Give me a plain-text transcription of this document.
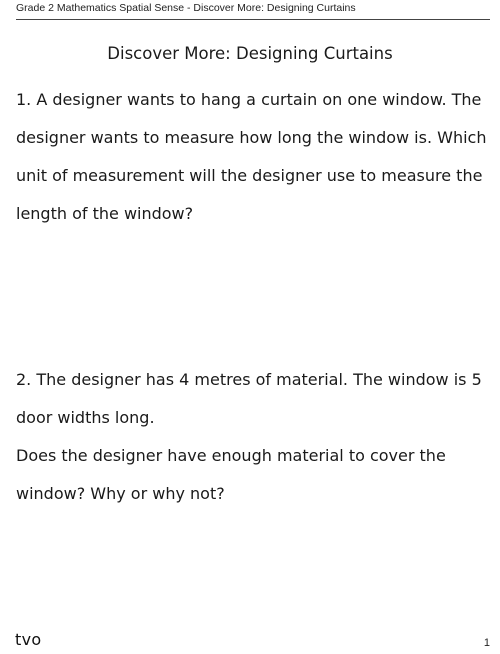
Grade 2 Mathematics Spatial Sense - Discover More: Designing Curtains
Discover More: Designing Curtains

1. A designer wants to hang a curtain on one window. The designer wants to measure how long the window is. Which unit of measurement will the designer use to measure the length of the window?

2. The designer has 4 metres of material. The window is 5 door widths long.

Does the designer have enough material to cover the window? Why or why not?

tvo	1
